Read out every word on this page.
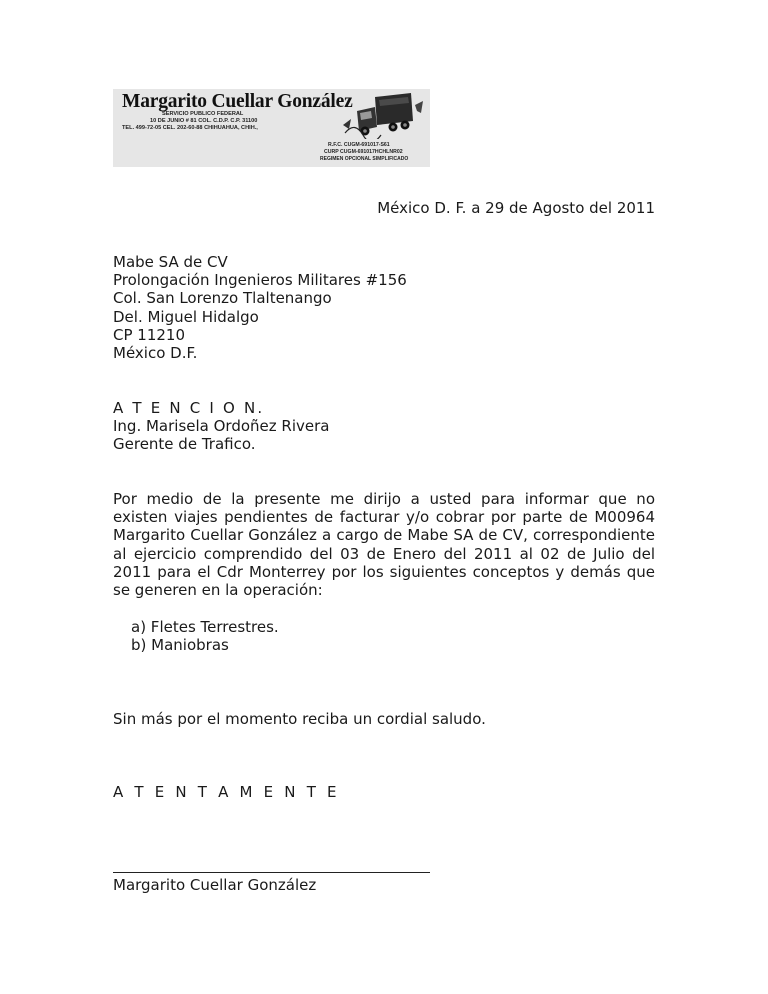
Margarito Cuellar González
SERVICIO PUBLICO FEDERAL
10 DE JUNIO # 81 COL. C.D.P. C.P. 31100
TEL. 499-72-05 CEL. 202-60-88 CHIHUAHUA, CHIH.,
R.F.C. CUGM-691017-S61
CURP CUGM-691017HCHLNR02
REGIMEN OPCIONAL SIMPLIFICADO
México D. F. a 29 de Agosto del 2011
Mabe SA de CV
Prolongación Ingenieros Militares #156
Col. San Lorenzo Tlaltenango
Del. Miguel Hidalgo
CP 11210
México D.F.
A T E N C I O N.
Ing. Marisela Ordoñez Rivera
Gerente de Trafico.
Por medio de la presente me dirijo a usted para informar que no existen viajes pendientes de facturar y/o cobrar por parte de M00964 Margarito Cuellar González a cargo de Mabe SA de CV, correspondiente al ejercicio comprendido del 03 de Enero del 2011 al 02 de Julio del 2011 para el Cdr Monterrey por los siguientes conceptos y demás que se generen en la operación:
a) Fletes Terrestres.
b) Maniobras
Sin más por el momento reciba un cordial saludo.
A T E N T A M E N T E
Margarito Cuellar González
